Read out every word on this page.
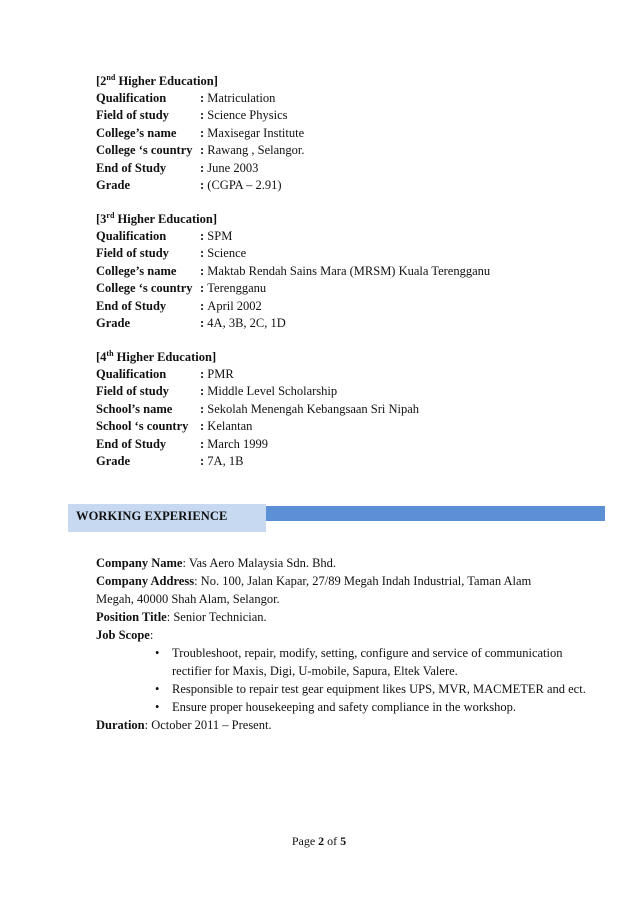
[2nd Higher Education]
Qualification	: Matriculation
Field of study : Science Physics
College’s name : Maxisegar Institute
College ‘s country : Rawang , Selangor.
End of Study	: June 2003
Grade	: (CGPA – 2.91)
[3rd Higher Education]
Qualification	: SPM
Field of study : Science
College’s name : Maktab Rendah Sains Mara (MRSM) Kuala Terengganu
College ‘s country : Terengganu
End of Study	: April 2002
Grade	: 4A, 3B, 2C, 1D
[4th Higher Education]
Qualification	: PMR
Field of study : Middle Level Scholarship
School’s name : Sekolah Menengah Kebangsaan Sri Nipah
School ‘s country : Kelantan
End of Study	: March 1999
Grade	: 7A, 1B
WORKING EXPERIENCE
Company Name: Vas Aero Malaysia Sdn. Bhd.
Company Address: No. 100, Jalan Kapar, 27/89 Megah Indah Industrial, Taman Alam
Megah, 40000 Shah Alam, Selangor.
Position Title: Senior Technician.
Job Scope:
• Troubleshoot, repair, modify, setting, configure and service of communication rectifier for Maxis, Digi, U-mobile, Sapura, Eltek Valere.
• Responsible to repair test gear equipment likes UPS, MVR, MACMETER and ect.
• Ensure proper housekeeping and safety compliance in the workshop.
Duration: October 2011 – Present.
Page 2 of 5
